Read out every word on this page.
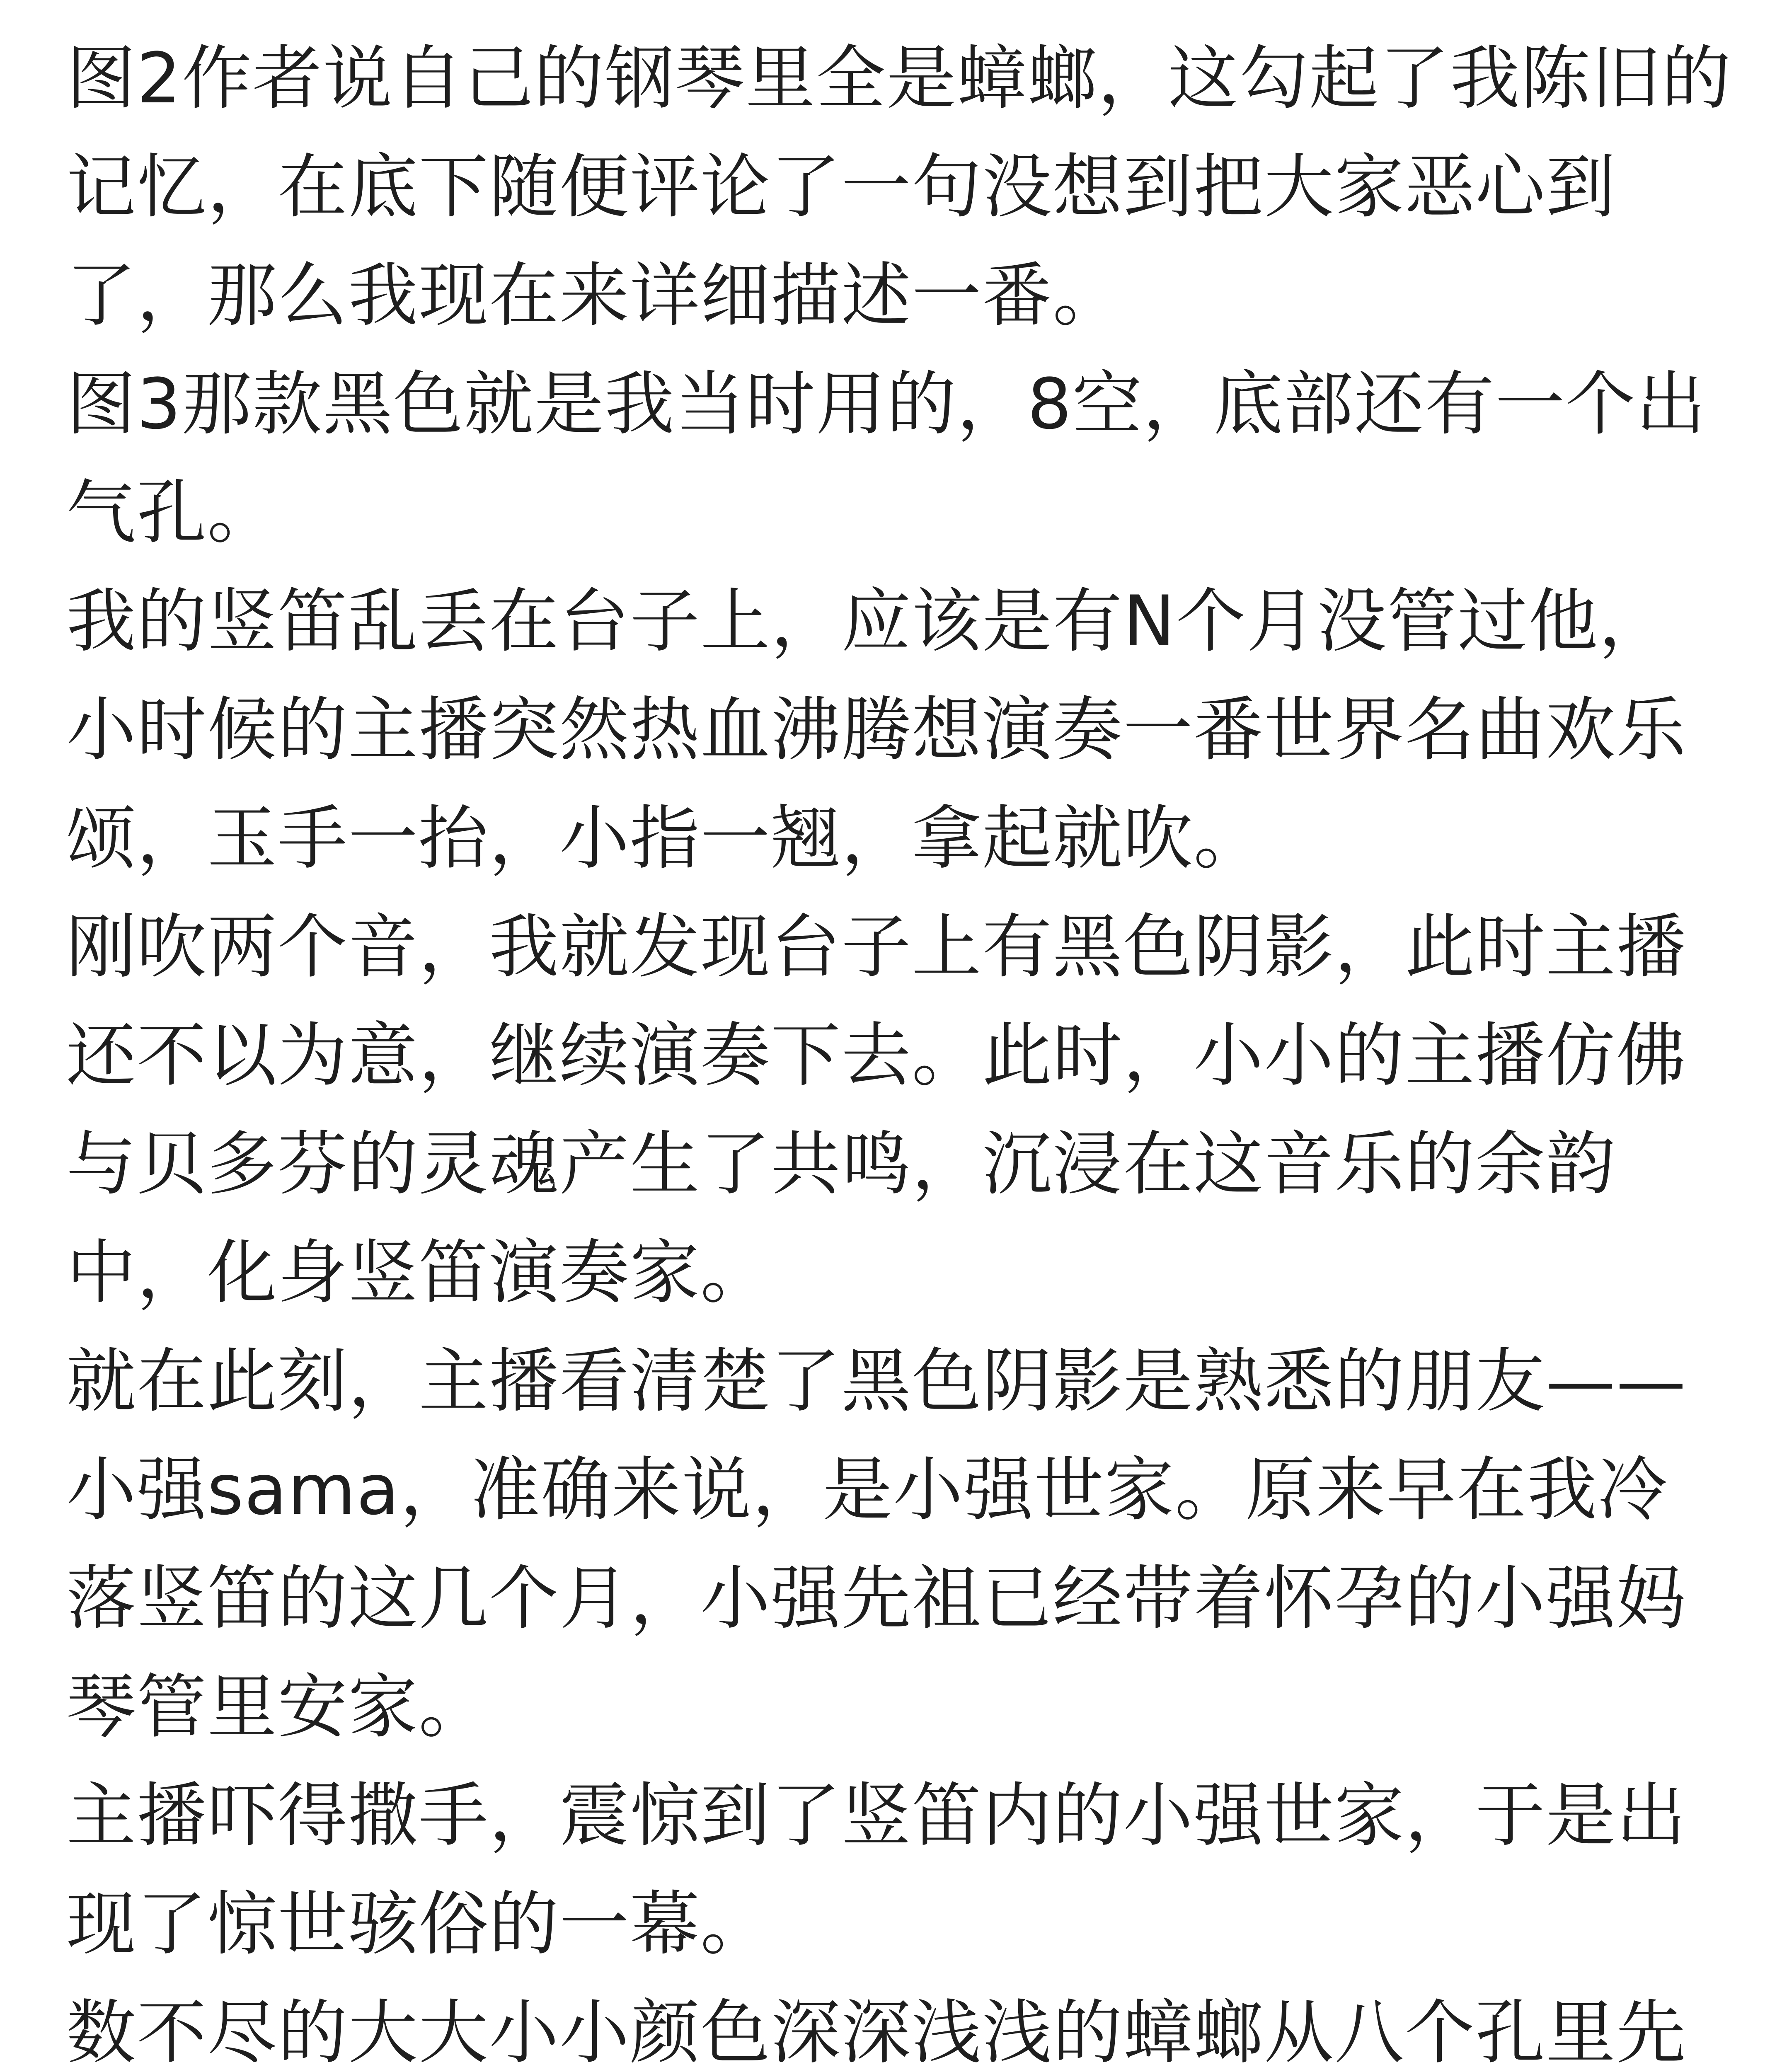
图2作者说自己的钢琴里全是蟑螂，这勾起了我陈旧的记忆，在底下随便评论了一句没想到把大家恶心到了，那么我现在来详细描述一番。

图3那款黑色就是我当时用的，8空，底部还有一个出气孔。

我的竖笛乱丢在台子上，应该是有N个月没管过他，小时候的主播突然热血沸腾想演奏一番世界名曲欢乐颂，玉手一抬，小指一翘，拿起就吹。

刚吹两个音，我就发现台子上有黑色阴影，此时主播还不以为意，继续演奏下去。此时，小小的主播仿佛与贝多芬的灵魂产生了共鸣，沉浸在这音乐的余韵中，化身竖笛演奏家。

就在此刻，主播看清楚了黑色阴影是熟悉的朋友——小强sama，准确来说，是小强世家。原来早在我冷落竖笛的这几个月，小强先祖已经带着怀孕的小强妈琴管里安家。

主播吓得撒手，震惊到了竖笛内的小强世家，于是出现了惊世骇俗的一幕。

数不尽的大大小小颜色深深浅浅的蟑螂从八个孔里先
